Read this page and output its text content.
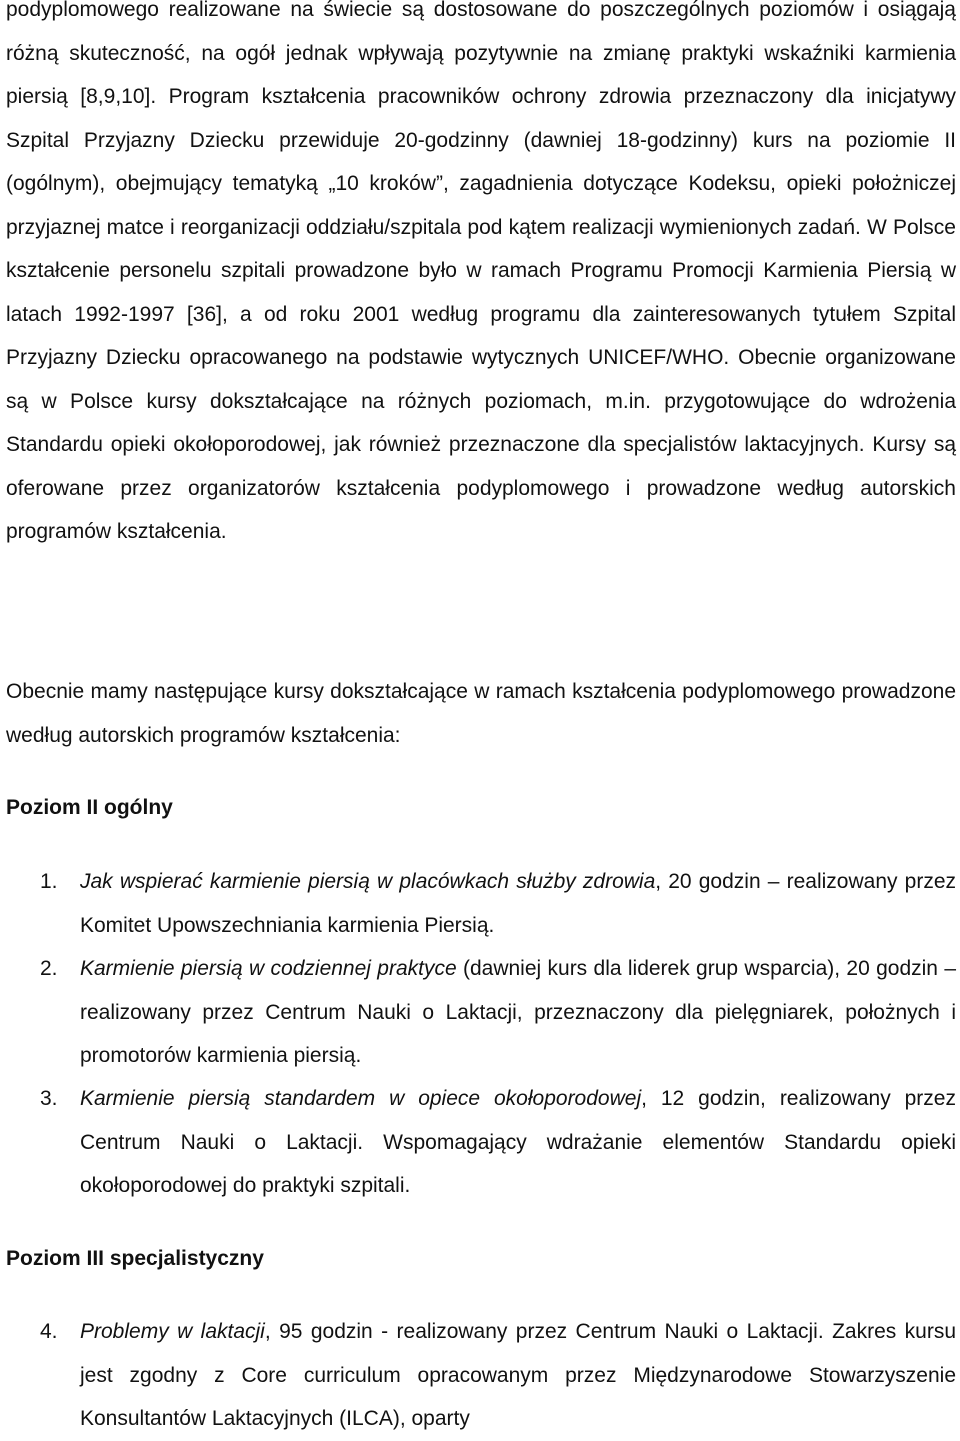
podyplomowego realizowane na świecie są dostosowane do poszczególnych poziomów i osiągają różną skuteczność, na ogół jednak wpływają pozytywnie na zmianę praktyki wskaźniki karmienia piersią [8,9,10]. Program kształcenia pracowników ochrony zdrowia przeznaczony dla inicjatywy Szpital Przyjazny Dziecku przewiduje 20-godzinny (dawniej 18-godzinny) kurs na poziomie II (ogólnym), obejmujący tematyką „10 kroków”, zagadnienia dotyczące Kodeksu, opieki położniczej przyjaznej matce i reorganizacji oddziału/szpitala pod kątem realizacji wymienionych zadań. W Polsce kształcenie personelu szpitali prowadzone było w ramach Programu Promocji Karmienia Piersią w latach 1992-1997 [36], a od roku 2001 według programu dla zainteresowanych tytułem Szpital Przyjazny Dziecku opracowanego na podstawie wytycznych UNICEF/WHO. Obecnie organizowane są w Polsce kursy dokształcające na różnych poziomach, m.in. przygotowujące do wdrożenia Standardu opieki okołoporodowej, jak również przeznaczone dla specjalistów laktacyjnych. Kursy są oferowane przez organizatorów kształcenia podyplomowego i prowadzone według autorskich programów kształcenia.

Obecnie mamy następujące kursy dokształcające w ramach kształcenia podyplomowego prowadzone według autorskich programów kształcenia:

Poziom II ogólny
1.	Jak wspierać karmienie piersią w placówkach służby zdrowia, 20 godzin – realizowany przez Komitet Upowszechniania karmienia Piersią.
2.	Karmienie piersią w codziennej praktyce (dawniej kurs dla liderek grup wsparcia), 20 godzin – realizowany przez Centrum Nauki o Laktacji, przeznaczony dla pielęgniarek, położnych i promotorów karmienia piersią.
3.	Karmienie piersią standardem w opiece okołoporodowej, 12 godzin, realizowany przez Centrum Nauki o Laktacji. Wspomagający wdrażanie elementów Standardu opieki okołoporodowej do praktyki szpitali.
Poziom III specjalistyczny
4.	Problemy w laktacji, 95 godzin - realizowany przez Centrum Nauki o Laktacji. Zakres kursu jest zgodny z Core curriculum opracowanym przez Międzynarodowe Stowarzyszenie Konsultantów Laktacyjnych (ILCA), oparty
